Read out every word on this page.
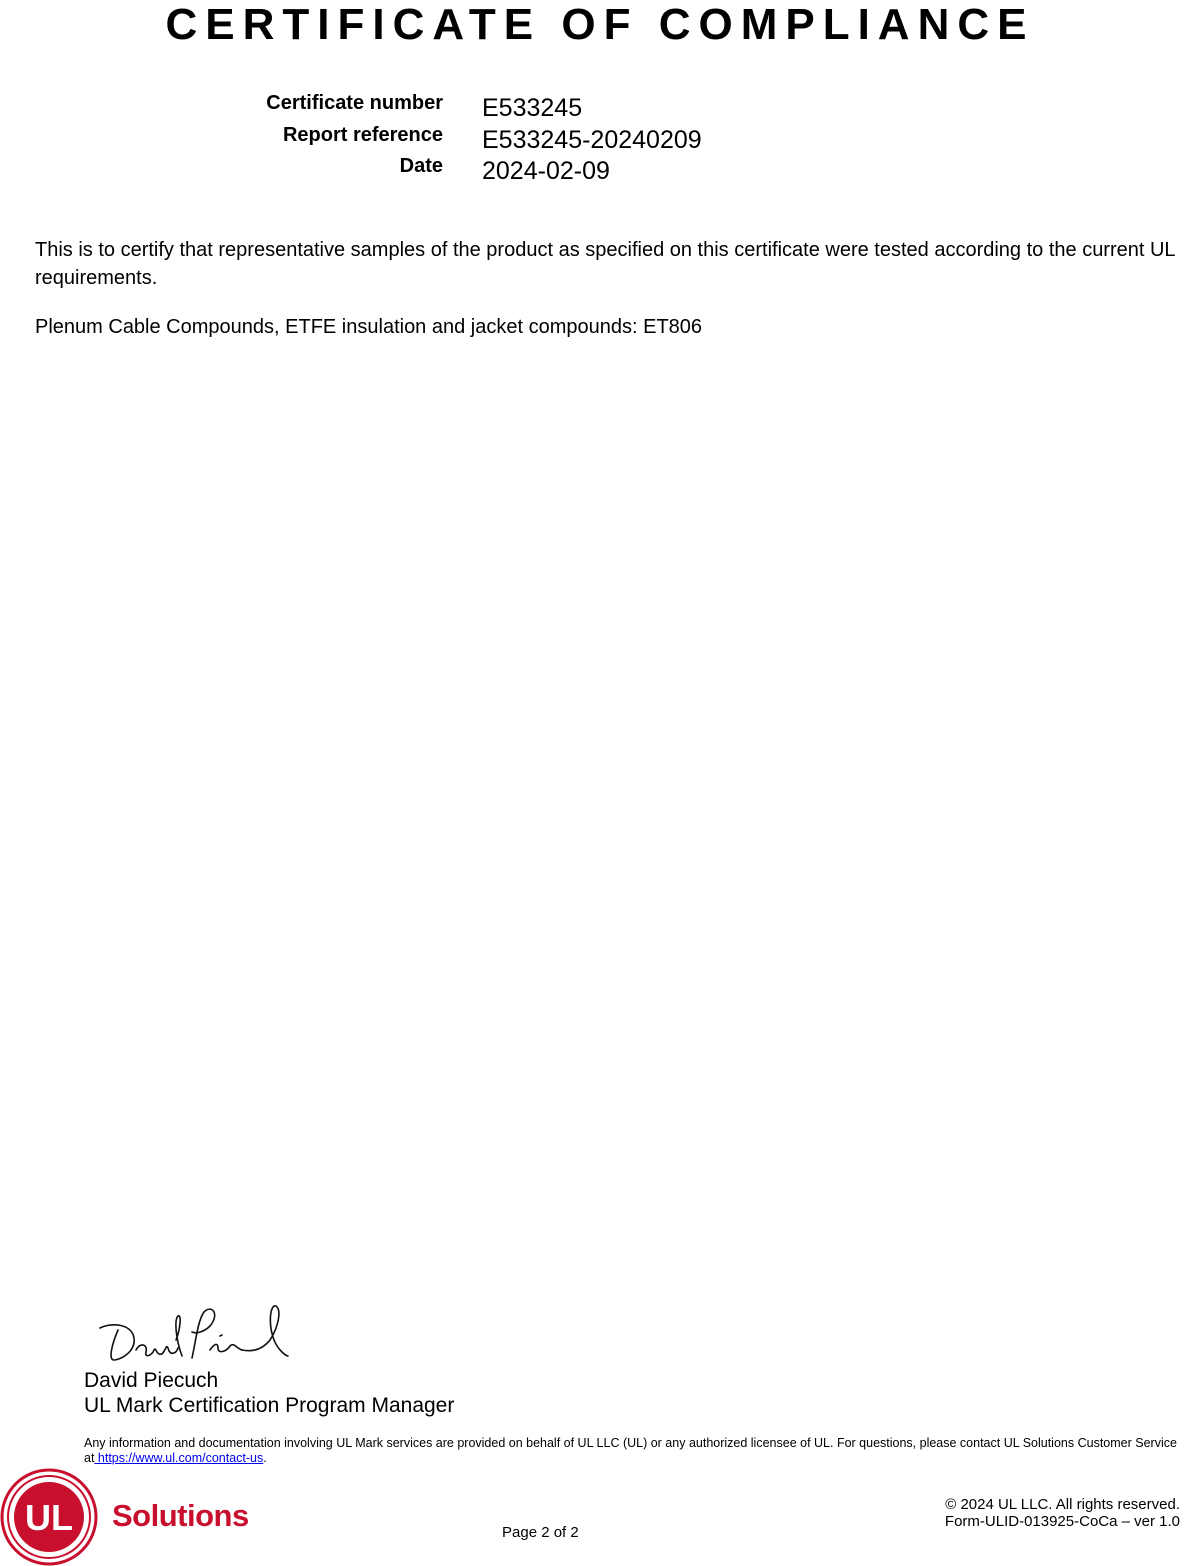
CERTIFICATE OF COMPLIANCE
Certificate number E533245
Report reference E533245-20240209
Date 2024-02-09

This is to certify that representative samples of the product as specified on this certificate were tested according to the current UL requirements.

Plenum Cable Compounds, ETFE insulation and jacket compounds: ET806

David Piecuch
UL Mark Certification Program Manager

Any information and documentation involving UL Mark services are provided on behalf of UL LLC (UL) or any authorized licensee of UL. For questions, please contact UL Solutions Customer Service at https://www.ul.com/contact-us.

UL Solutions	Page 2 of 2
© 2024 UL LLC. All rights reserved.
Form-ULID-013925-CoCa – ver 1.0
